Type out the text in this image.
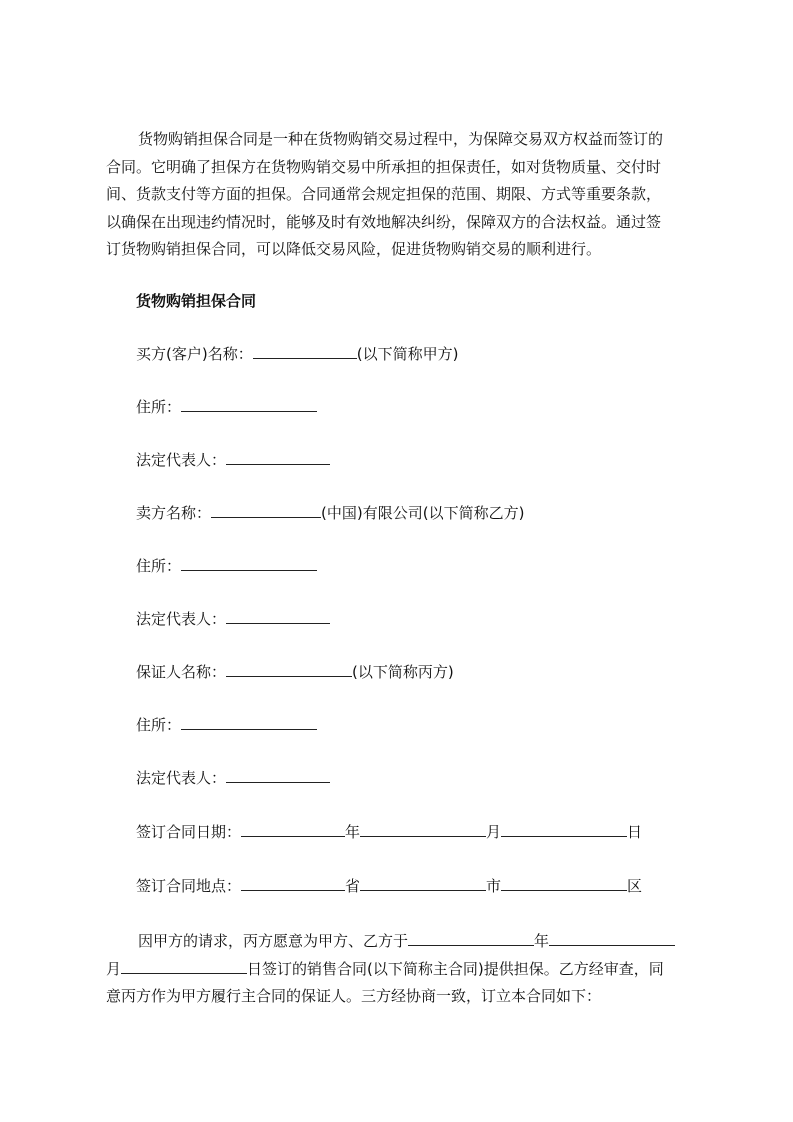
货物购销担保合同是一种在货物购销交易过程中，为保障交易双方权益而签订的
合同。它明确了担保方在货物购销交易中所承担的担保责任，如对货物质量、交付时
间、货款支付等方面的担保。合同通常会规定担保的范围、期限、方式等重要条款，
以确保在出现违约情况时，能够及时有效地解决纠纷，保障双方的合法权益。通过签
订货物购销担保合同，可以降低交易风险，促进货物购销交易的顺利进行。

货物购销担保合同

买方(客户)名称：	(以下简称甲方)

住所：

法定代表人：

卖方名称：	(中国)有限公司(以下简称乙方)

住所：

法定代表人：

保证人名称：	(以下简称丙方)

住所：

法定代表人：

签订合同日期：	年	月	日

签订合同地点：	省	市	区

因甲方的请求，丙方愿意为甲方、乙方于	年
月	日签订的销售合同(以下简称主合同)提供担保。乙方经审查，同
意丙方作为甲方履行主合同的保证人。三方经协商一致，订立本合同如下：
